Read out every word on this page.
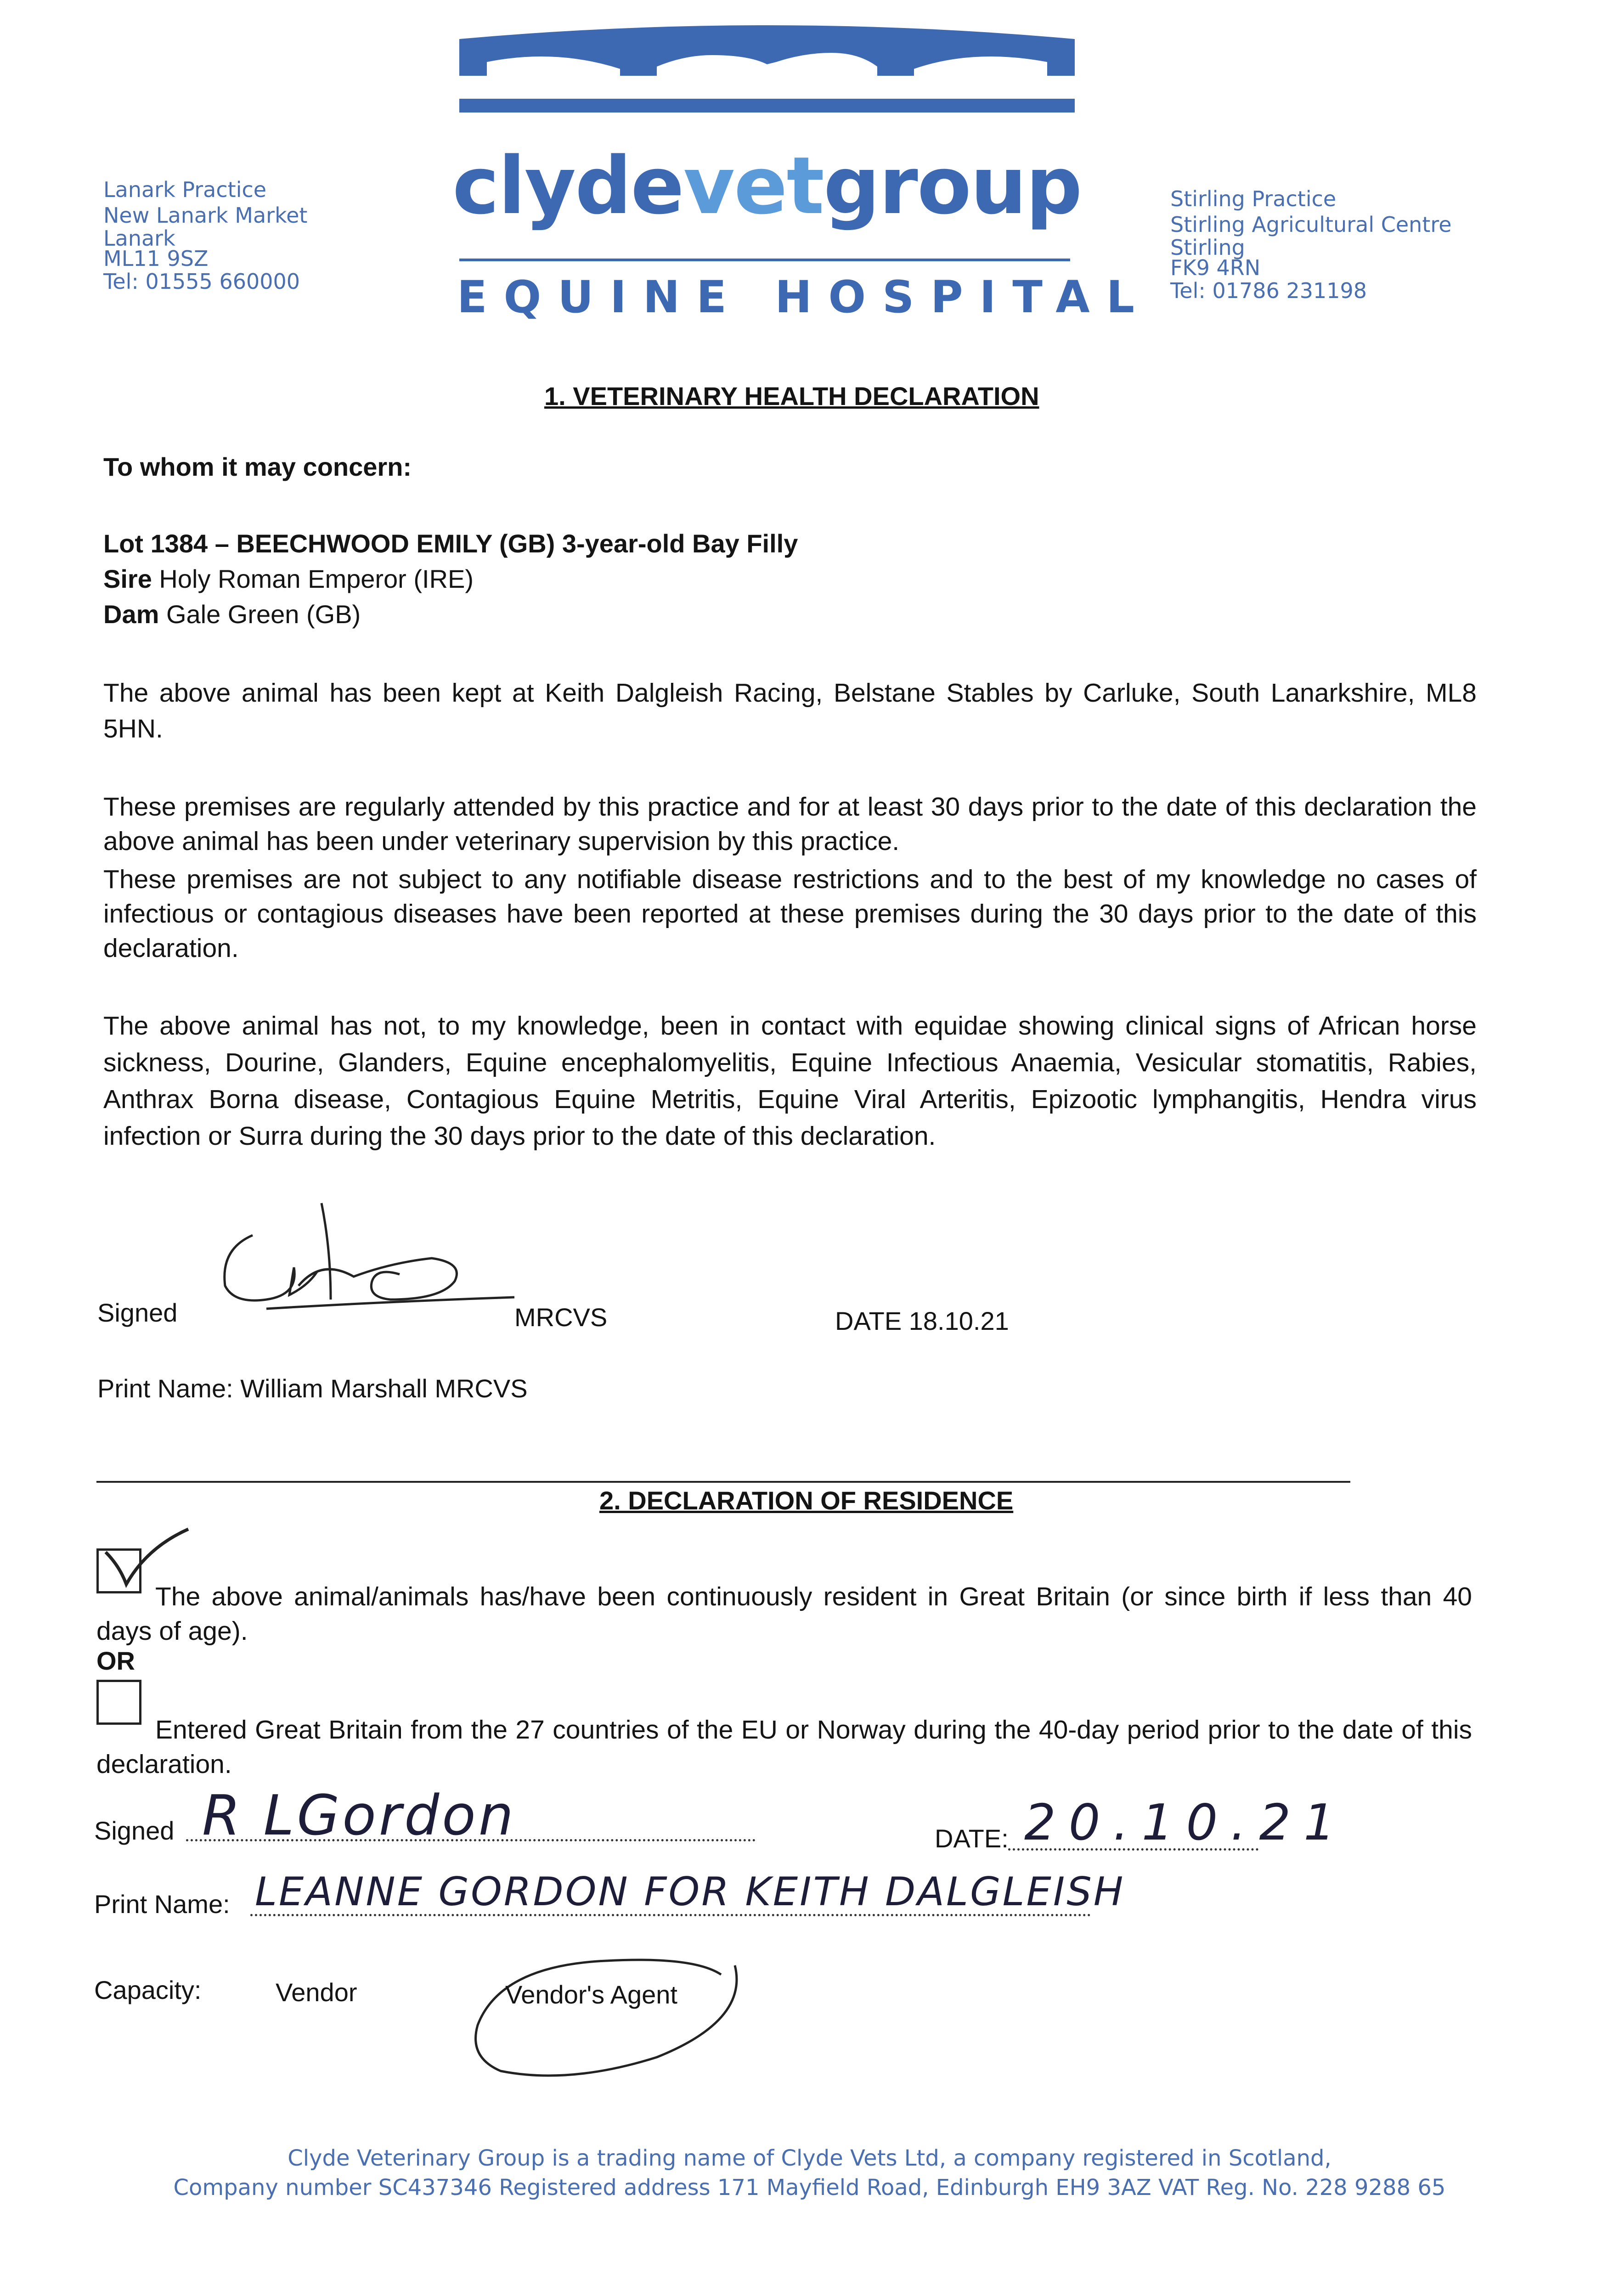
Lanark Practice
New Lanark Market
Lanark
ML11 9SZ
Tel: 01555 660000
Stirling Practice
Stirling Agricultural Centre
Stirling
FK9 4RN
Tel: 01786 231198
clydevetgroup
EQUINE HOSPITAL
1. VETERINARY HEALTH DECLARATION
To whom it may concern:
Lot 1384 – BEECHWOOD EMILY (GB) 3-year-old Bay Filly
Sire Holy Roman Emperor (IRE)
Dam Gale Green (GB)
The above animal has been kept at Keith Dalgleish Racing, Belstane Stables by Carluke, South Lanarkshire, ML8 5HN.
These premises are regularly attended by this practice and for at least 30 days prior to the date of this declaration the above animal has been under veterinary supervision by this practice.
These premises are not subject to any notifiable disease restrictions and to the best of my knowledge no cases of infectious or contagious diseases have been reported at these premises during the 30 days prior to the date of this declaration.
The above animal has not, to my knowledge, been in contact with equidae showing clinical signs of African horse sickness, Dourine, Glanders, Equine encephalomyelitis, Equine Infectious Anaemia, Vesicular stomatitis, Rabies, Anthrax Borna disease, Contagious Equine Metritis, Equine Viral Arteritis, Epizootic lymphangitis, Hendra virus infection or Surra during the 30 days prior to the date of this declaration.
Signed	MRCVS	DATE 18.10.21
Print Name: William Marshall MRCVS
2. DECLARATION OF RESIDENCE
The above animal/animals has/have been continuously resident in Great Britain (or since birth if less than 40 days of age).
OR
Entered Great Britain from the 27 countries of the EU or Norway during the 40-day period prior to the date of this declaration.
Signed R LGordon	DATE: 20.10.21
Print Name: LEANNE GORDON FOR KEITH DALGLEISH
Capacity:	Vendor	Vendor's Agent
Clyde Veterinary Group is a trading name of Clyde Vets Ltd, a company registered in Scotland,
Company number SC437346 Registered address 171 Mayfield Road, Edinburgh EH9 3AZ VAT Reg. No. 228 9288 65
